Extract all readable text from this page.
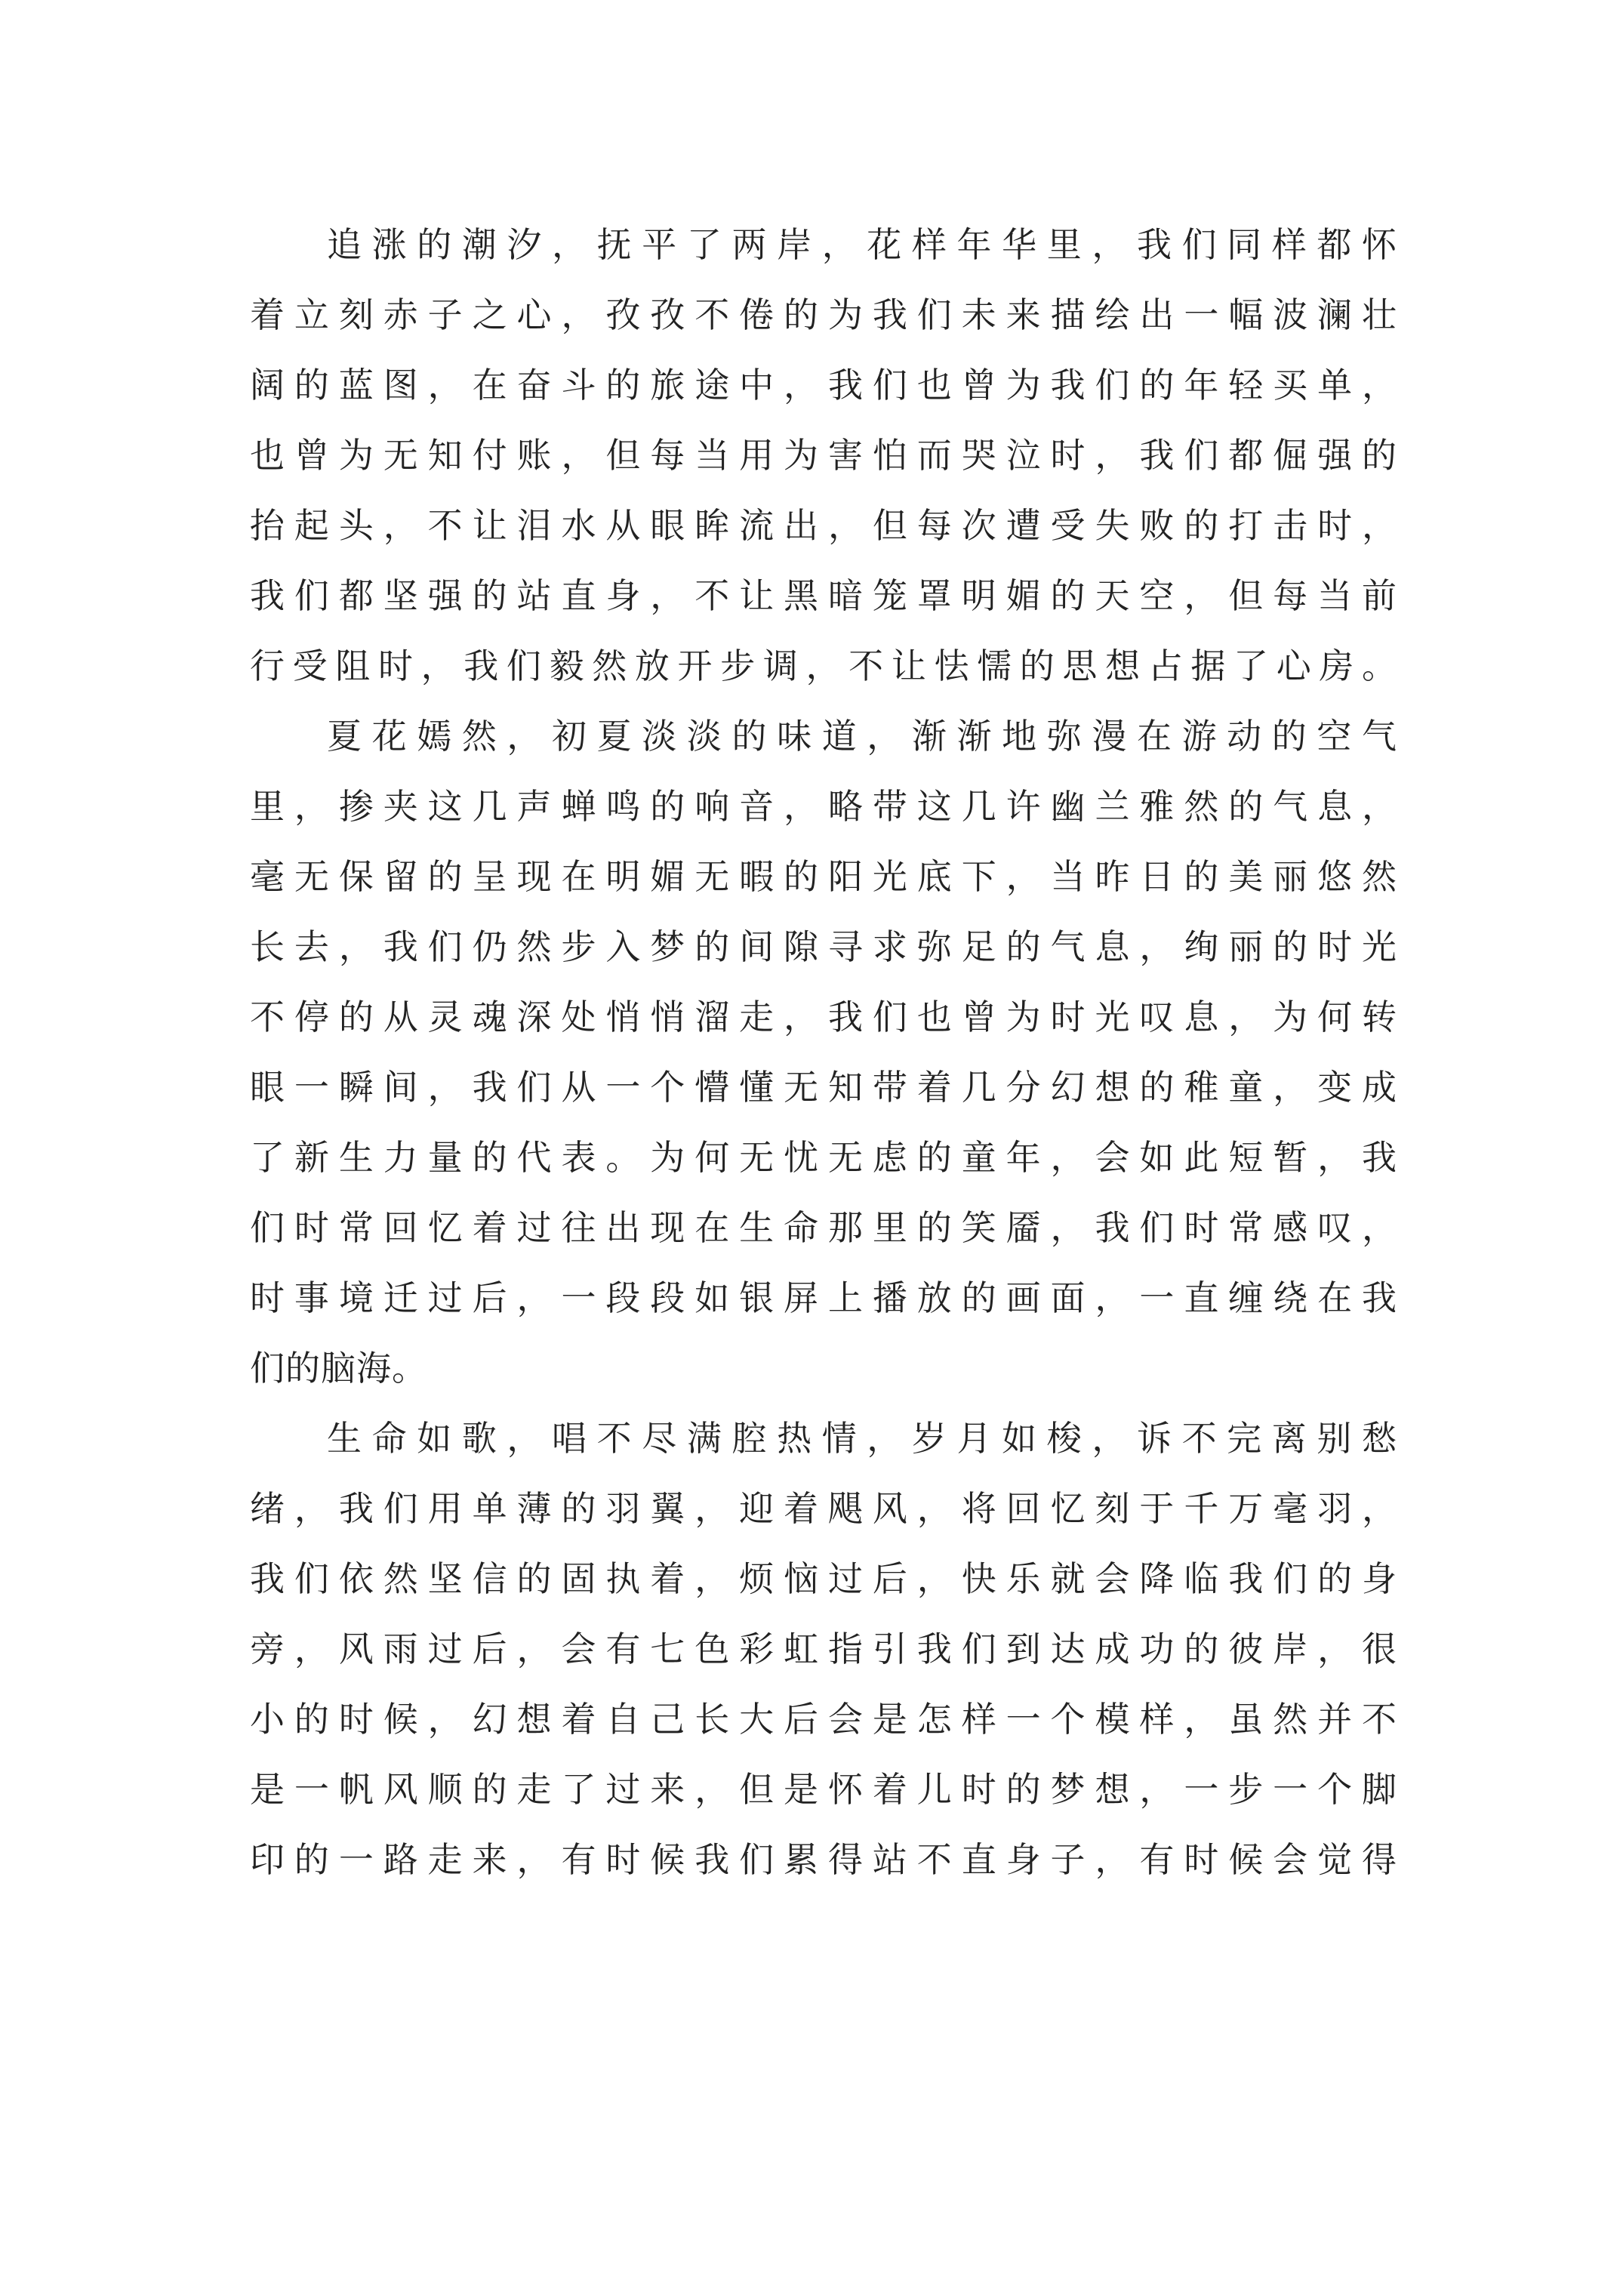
追涨的潮汐，抚平了两岸，花样年华里，我们同样都怀
着立刻赤子之心，孜孜不倦的为我们未来描绘出一幅波澜壮
阔的蓝图，在奋斗的旅途中，我们也曾为我们的年轻买单，
也曾为无知付账，但每当用为害怕而哭泣时，我们都倔强的
抬起头，不让泪水从眼眸流出，但每次遭受失败的打击时，
我们都坚强的站直身，不让黑暗笼罩明媚的天空，但每当前
行受阻时，我们毅然放开步调，不让怯懦的思想占据了心房。
夏花嫣然，初夏淡淡的味道，渐渐地弥漫在游动的空气
里，掺夹这几声蝉鸣的响音，略带这几许幽兰雅然的气息，
毫无保留的呈现在明媚无暇的阳光底下，当昨日的美丽悠然
长去，我们仍然步入梦的间隙寻求弥足的气息，绚丽的时光
不停的从灵魂深处悄悄溜走，我们也曾为时光叹息，为何转
眼一瞬间，我们从一个懵懂无知带着几分幻想的稚童，变成
了新生力量的代表。为何无忧无虑的童年，会如此短暂，我
们时常回忆着过往出现在生命那里的笑靥，我们时常感叹，
时事境迁过后，一段段如银屏上播放的画面，一直缠绕在我
们的脑海。
生命如歌，唱不尽满腔热情，岁月如梭，诉不完离别愁
绪，我们用单薄的羽翼，迎着飓风，将回忆刻于千万毫羽，
我们依然坚信的固执着，烦恼过后，快乐就会降临我们的身
旁，风雨过后，会有七色彩虹指引我们到达成功的彼岸，很
小的时候，幻想着自己长大后会是怎样一个模样，虽然并不
是一帆风顺的走了过来，但是怀着儿时的梦想，一步一个脚
印的一路走来，有时候我们累得站不直身子，有时候会觉得
